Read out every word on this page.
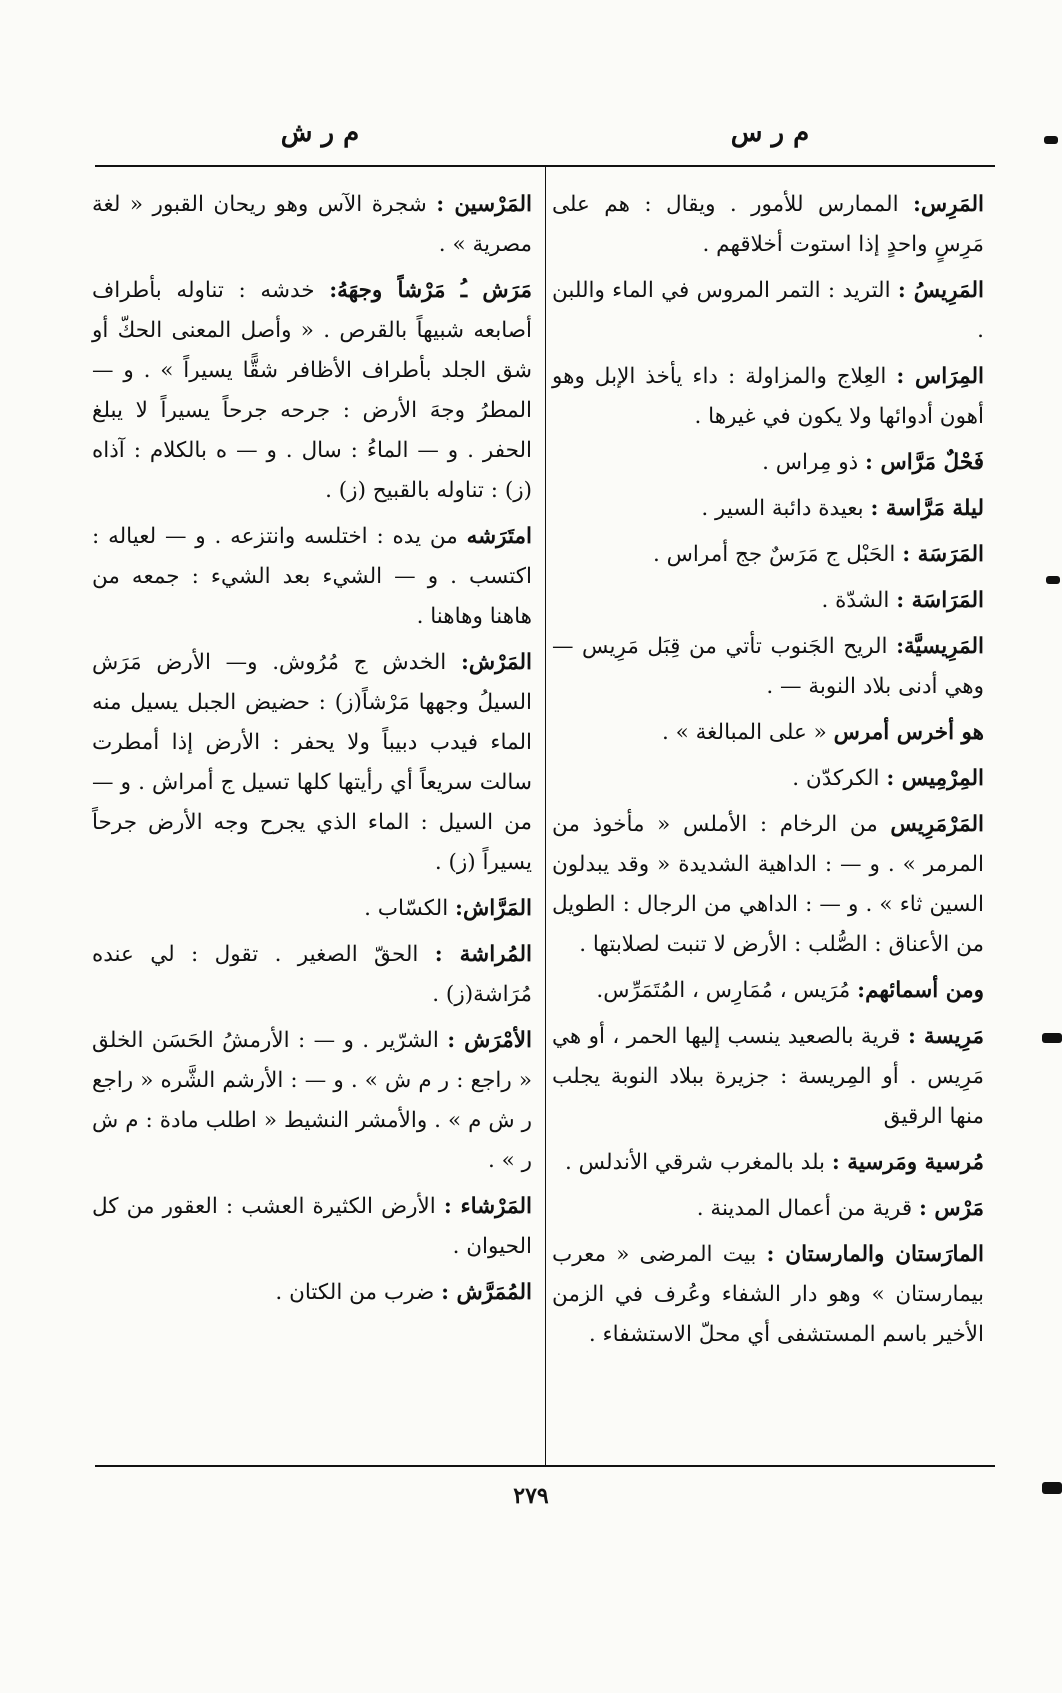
م ر س
م ر ش

المَرِس: الممارس للأمور . ويقال : هم على مَرِسٍ واحدٍ إذا استوت أخلاقهم .

المَرِيسُ : التريد : التمر المروس في الماء واللبن .

المِرَاس : العِلاج والمزاولة : داء يأخذ الإبل وهو أهون أدوائها ولا يكون في غيرها .

فَحْلٌ مَرَّاس : ذو مِراس .

ليلة مَرَّاسة : بعيدة دائبة السير .

المَرَسَة : الحَبْل ج مَرَسٌ جج أمراس .

المَرَاسَة : الشدّة .

المَرِيسيَّة: الريح الجَنوب تأتي من قِبَل مَرِيس —وهي أدنى بلاد النوبة — .

هو أخرس أمرس « على المبالغة » .

المِرْمِيس : الكركدّن .

المَرْمَرِيس من الرخام : الأملس « مأخوذ من المرمر » . و — : الداهية الشديدة « وقد يبدلون السين ثاء » . و — : الداهي من الرجال : الطويل من الأعناق : الصُّلب : الأرض لا تنبت لصلابتها .

ومن أسمائهم: مُرَيس ، مُمَارِس ، المُتَمَرِّس.

مَرِيسة : قرية بالصعيد ينسب إليها الحمر ، أو هي مَرِيس . أو المِريسة : جزيرة ببلاد النوبة يجلب منها الرقيق

مُرسية ومَرسية : بلد بالمغرب شرقي الأندلس .

مَرْس : قرية من أعمال المدينة .

المارَستان والمارستان : بيت المرضى « معرب بيمارستان » وهو دار الشفاء وعُرف في الزمن الأخير باسم المستشفى أي محلّ الاستشفاء .

المَرْسين : شجرة الآس وهو ريحان القبور « لغة مصرية » .

مَرَش ـُ مَرْشاً وجهَهُ: خدشه : تناوله بأطراف أصابعه شبيهاً بالقرص . « وأصل المعنى الحكّ أو شق الجلد بأطراف الأظافر شقًّا يسيراً » . و — المطرُ وجهَ الأرض : جرحه جرحاً يسيراً لا يبلغ الحفر . و — الماءُ : سال . و — ه بالكلام : آذاه (ز) : تناوله بالقبيح (ز) .

امتَرَشه من يده : اختلسه وانتزعه . و — لعياله : اكتسب . و — الشيء بعد الشيء : جمعه من هاهنا وهاهنا .

المَرْش: الخدش ج مُرُوش. و— الأرض مَرَش السيلُ وجهها مَرْشاً(ز) : حضيض الجبل يسيل منه الماء فيدب دبيباً ولا يحفر : الأرض إذا أمطرت سالت سريعاً أي رأيتها كلها تسيل ج أمراش . و — من السيل : الماء الذي يجرح وجه الأرض جرحاً يسيراً (ز) .

المَرَّاش: الكسّاب .

المُراشة : الحقّ الصغير . تقول : لي عنده مُرَاشة(ز) .

الأمْرَش : الشرّير . و — : الأرمشُ الحَسَن الخلق « راجع : ر م ش » . و — : الأرشم الشَّره « راجع ر ش م » . والأمشر النشيط « اطلب مادة : م ش ر » .

المَرْشاء : الأرض الكثيرة العشب : العقور من كل الحيوان .

المُمَرَّش : ضرب من الكتان .

٢٧٩
